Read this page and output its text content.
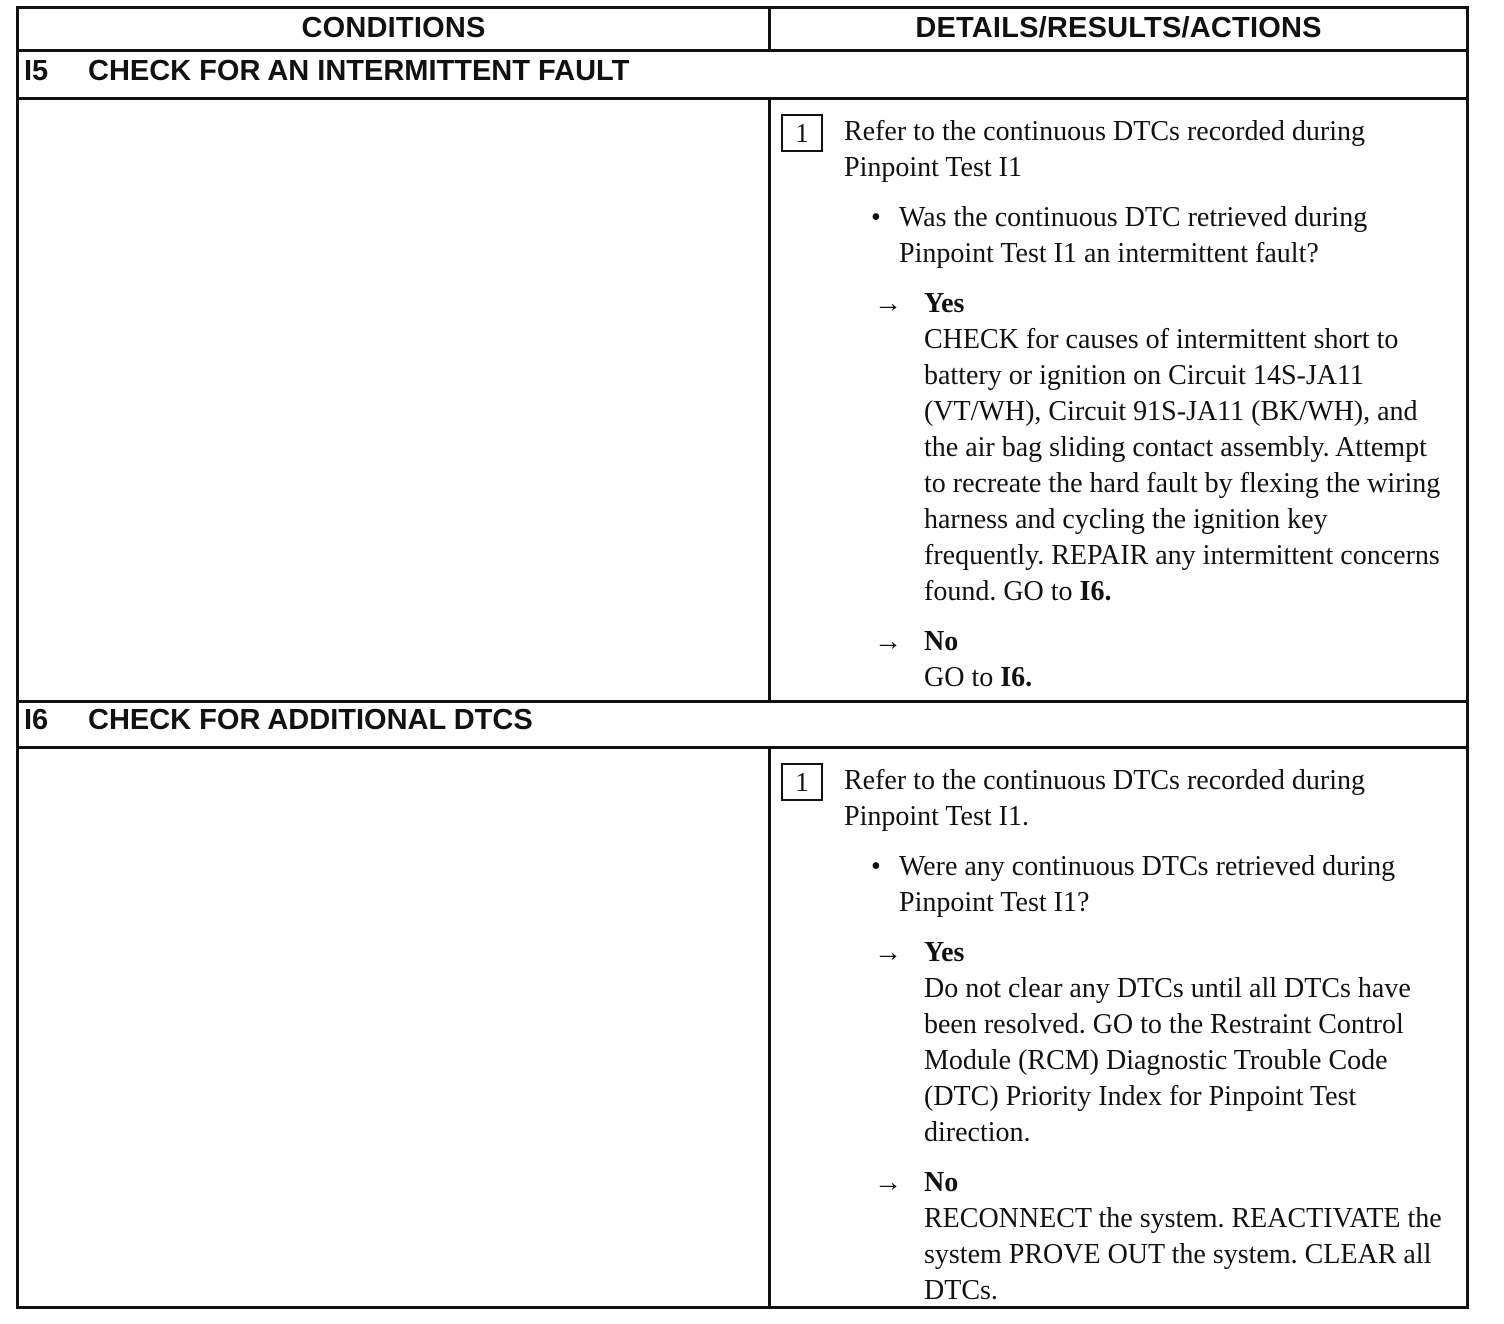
CONDITIONS	DETAILS/RESULTS/ACTIONS
I5	CHECK FOR AN INTERMITTENT FAULT
1	Refer to the continuous DTCs recorded during Pinpoint Test I1
• Was the continuous DTC retrieved during Pinpoint Test I1 an intermittent fault?
→ Yes
CHECK for causes of intermittent short to battery or ignition on Circuit 14S-JA11 (VT/WH), Circuit 91S-JA11 (BK/WH), and the air bag sliding contact assembly. Attempt to recreate the hard fault by flexing the wiring harness and cycling the ignition key frequently. REPAIR any intermittent concerns found. GO to I6.
→ No
GO to I6.
I6	CHECK FOR ADDITIONAL DTCS
1	Refer to the continuous DTCs recorded during Pinpoint Test I1.
• Were any continuous DTCs retrieved during Pinpoint Test I1?
→ Yes
Do not clear any DTCs until all DTCs have been resolved. GO to the Restraint Control Module (RCM) Diagnostic Trouble Code (DTC) Priority Index for Pinpoint Test direction.
→ No
RECONNECT the system. REACTIVATE the system PROVE OUT the system. CLEAR all DTCs.
